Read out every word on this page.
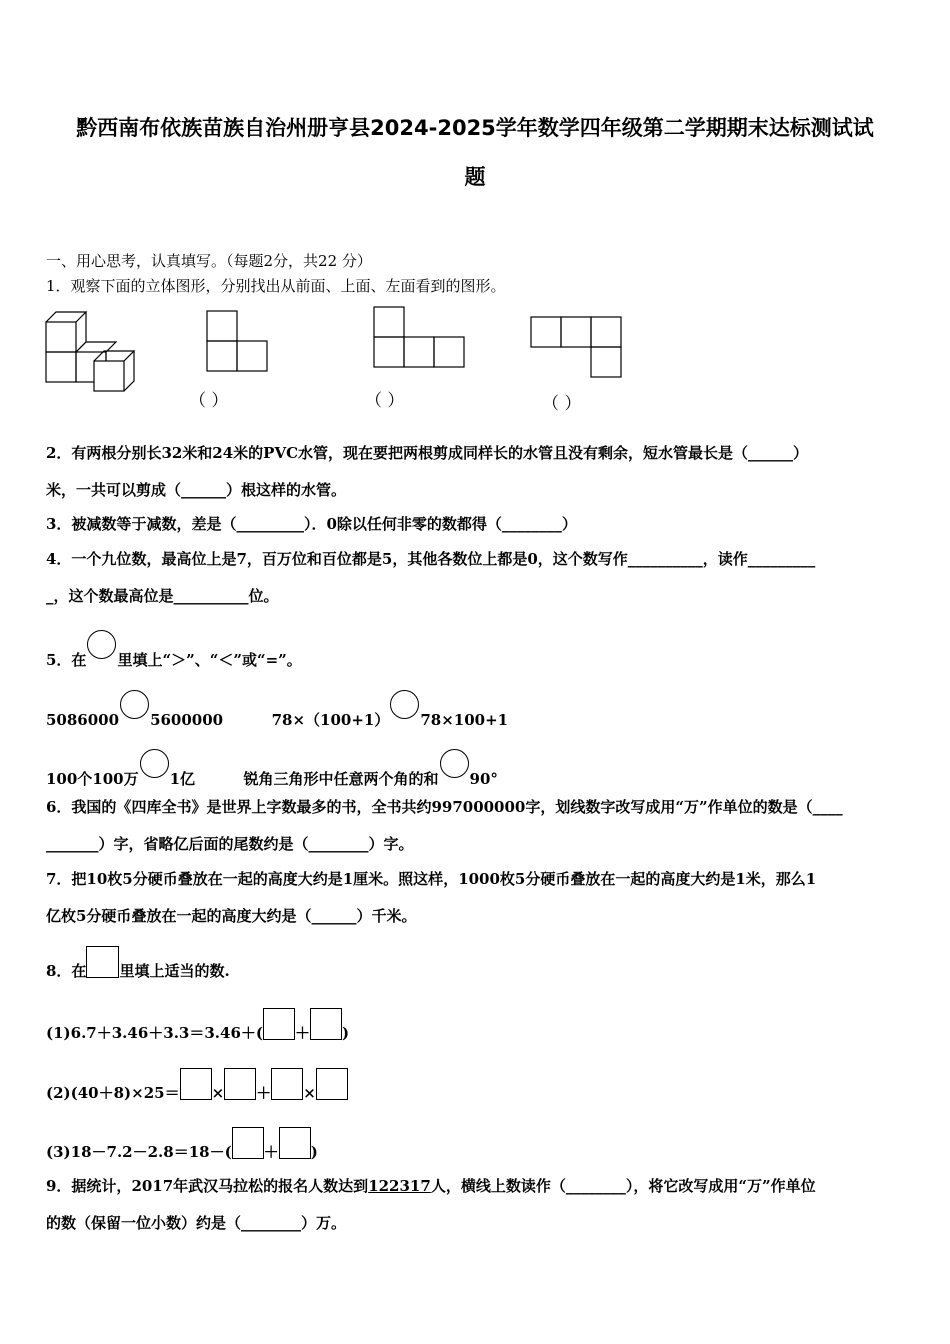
黔西南布依族苗族自治州册亨县2024-2025学年数学四年级第二学期期末达标测试试
题
一、用心思考，认真填写。（每题2分，共22 分）
1．观察下面的立体图形，分别找出从前面、上面、左面看到的图形。
（ ）	（ ）	（ ）
2．有两根分别长32米和24米的PVC水管，现在要把两根剪成同样长的水管且没有剩余，短水管最长是（______）
米，一共可以剪成（______）根这样的水管。
3．被减数等于减数，差是（_________）．0除以任何非零的数都得（________）
4．一个九位数，最高位上是7，百万位和百位都是5，其他各数位上都是0，这个数写作__________，读作_________
_，这个数最高位是__________位。
5．在 里填上“＞”、“＜”或“=”。
5086000 5600000	78×（100+1） 78×100+1
100个100万 1亿	锐角三角形中任意两个角的和 90°
6．我国的《四库全书》是世界上字数最多的书，全书共约997000000字，划线数字改写成用“万”作单位的数是（____
_______）字，省略亿后面的尾数约是（________）字。
7．把10枚5分硬币叠放在一起的高度大约是1厘米。照这样，1000枚5分硬币叠放在一起的高度大约是1米，那么1
亿枚5分硬币叠放在一起的高度大约是（______）千米。
8．在 里填上适当的数.
(1)6.7＋3.46＋3.3＝3.46＋( ＋ )
(2)(40＋8)×25＝ × ＋ ×
(3)18－7.2－2.8＝18－( ＋ )
9．据统计，2017年武汉马拉松的报名人数达到122317人，横线上数读作（________），将它改写成用“万”作单位
的数（保留一位小数）约是（________）万。
